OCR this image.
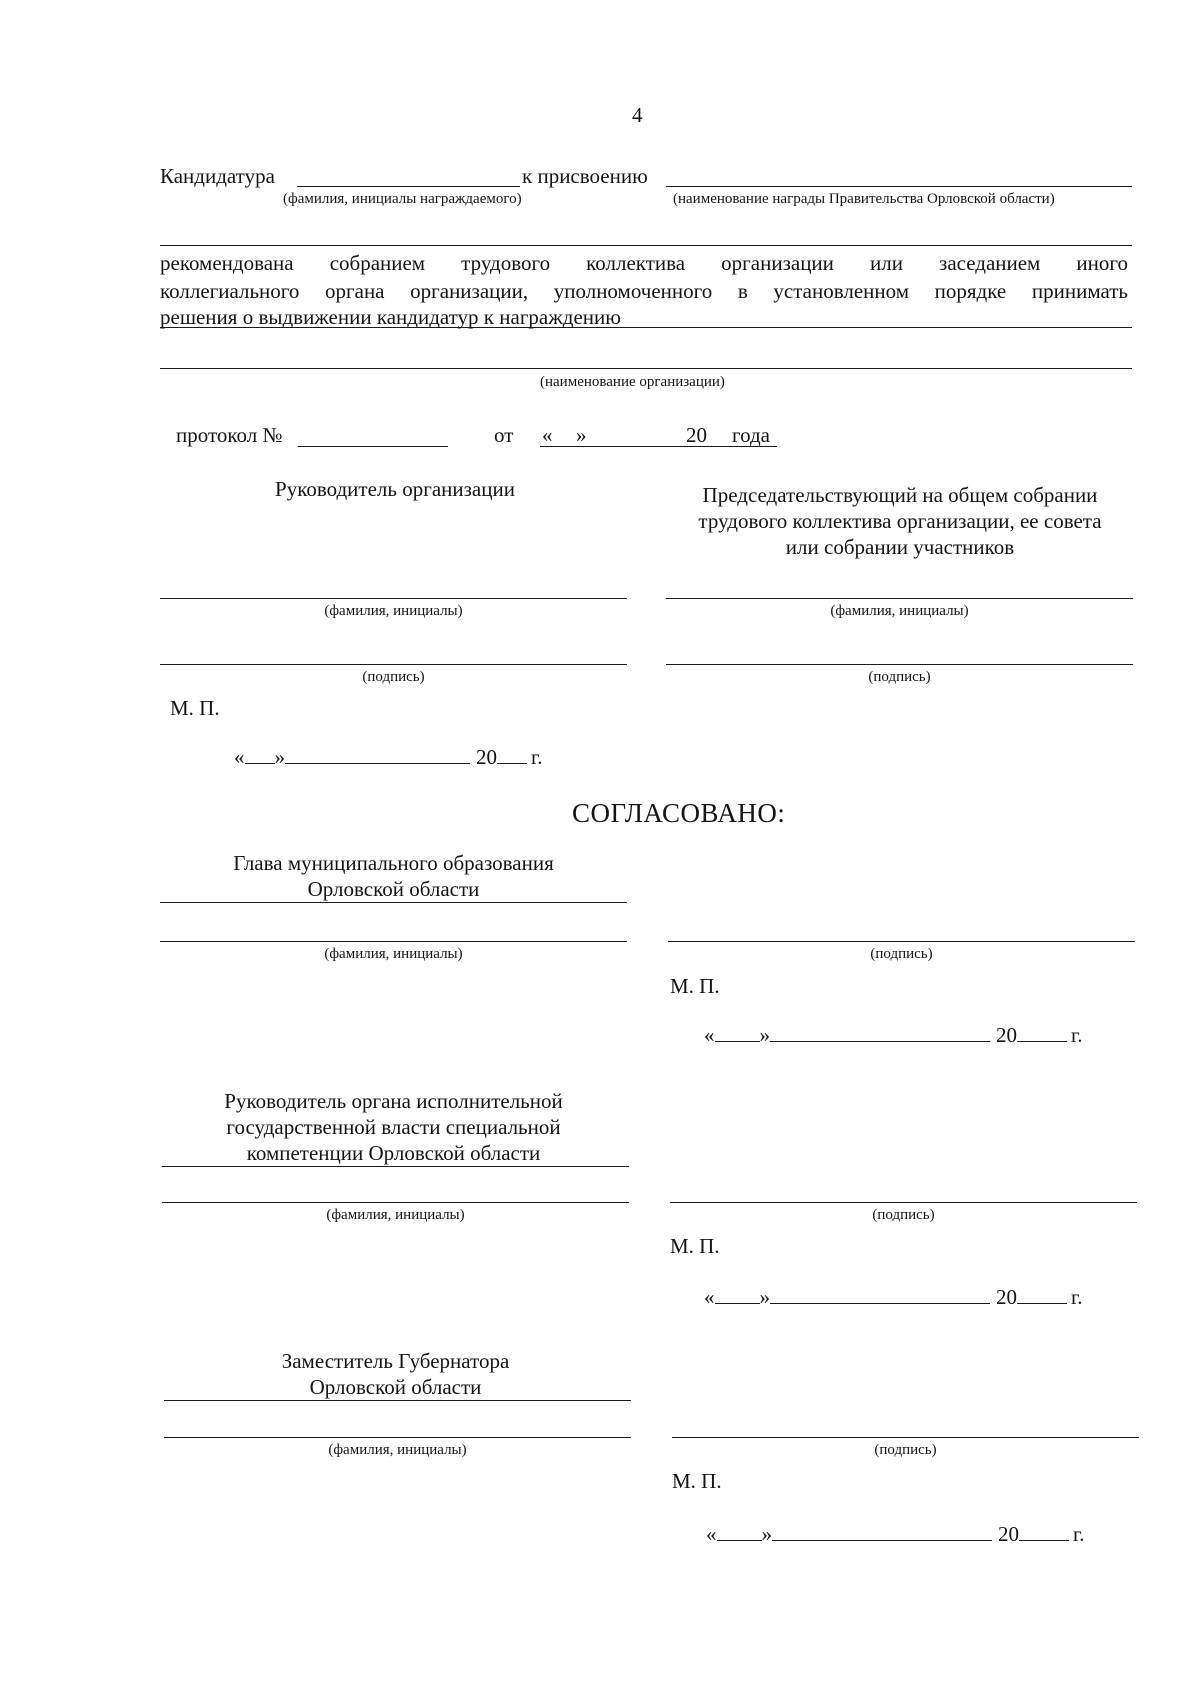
4
Кандидатура	к присвоению
(фамилия, инициалы награждаемого)	(наименование награды Правительства Орловской области)
рекомендована собранием трудового коллектива организации или заседанием иного
коллегиального органа организации, уполномоченного в установленном порядке принимать
решения о выдвижении кандидатур к награждению
(наименование организации)
протокол №	от « »	20 года
Руководитель организации	Председательствующий на общем собрании
трудового коллектива организации, ее совета
или собрании участников
(фамилия, инициалы)	(фамилия, инициалы)
(подпись)	(подпись)
М. П.
« »	20 г.
СОГЛАСОВАНО:
Глава муниципального образования
Орловской области
(фамилия, инициалы)	(подпись)
М. П.
« »	20	г.
Руководитель органа исполнительной
государственной власти специальной
компетенции Орловской области
(фамилия, инициалы)	(подпись)
М. П.
« »	20	г.
Заместитель Губернатора
Орловской области
(фамилия, инициалы)	(подпись)
М. П.
« »	20	г.
